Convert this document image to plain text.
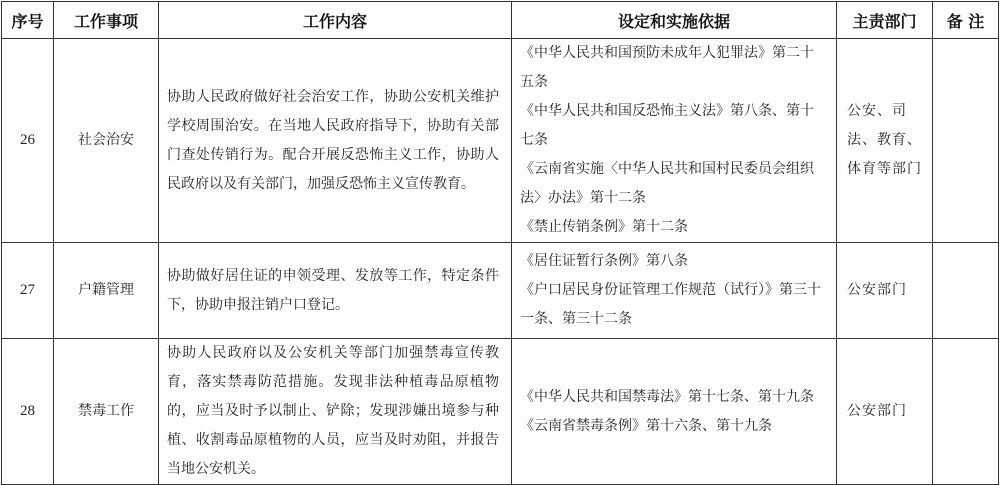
序号	工作事项	工作内容	设定和实施依据	主责部门	备 注
26	社会治安	协助人民政府做好社会治安工作，协助公安机关维护学校周围治安。在当地人民政府指导下，协助有关部门查处传销行为。配合开展反恐怖主义工作，协助人民政府以及有关部门，加强反恐怖主义宣传教育。	《中华人民共和国预防未成年人犯罪法》第二十五条
《中华人民共和国反恐怖主义法》第八条、第十七条
《云南省实施〈中华人民共和国村民委员会组织法〉办法》第十二条
《禁止传销条例》第十二条	公安、司法、教育、体育等部门	
27	户籍管理	协助做好居住证的申领受理、发放等工作，特定条件下，协助申报注销户口登记。	《居住证暂行条例》第八条
《户口居民身份证管理工作规范（试行）》第三十一条、第三十二条	公安部门	
28	禁毒工作	协助人民政府以及公安机关等部门加强禁毒宣传教育，落实禁毒防范措施。发现非法种植毒品原植物的，应当及时予以制止、铲除；发现涉嫌出境参与种植、收割毒品原植物的人员，应当及时劝阻，并报告当地公安机关。	《中华人民共和国禁毒法》第十七条、第十九条
《云南省禁毒条例》第十六条、第十九条	公安部门	
